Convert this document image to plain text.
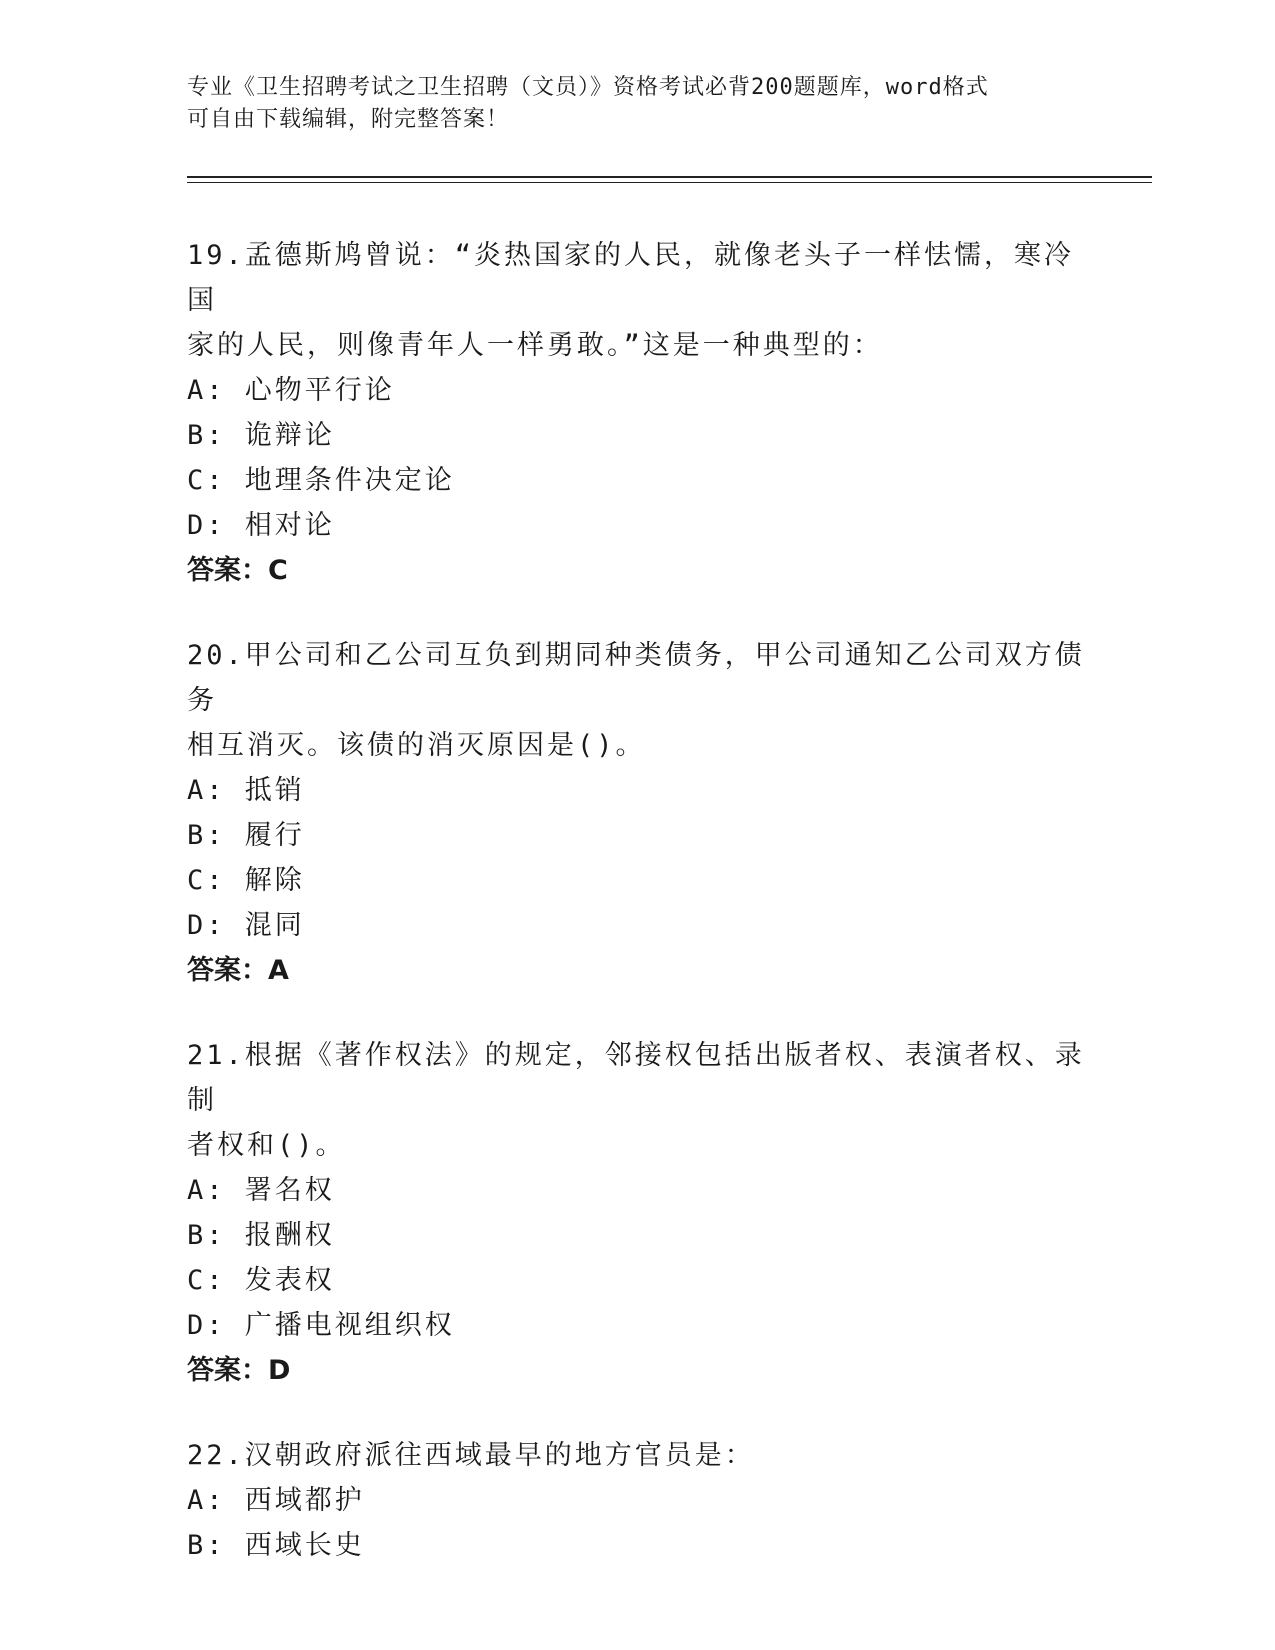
专业《卫生招聘考试之卫生招聘（文员）》资格考试必背200题题库，word格式
可自由下载编辑，附完整答案！
19.孟德斯鸠曾说：“炎热国家的人民，就像老头子一样怯懦，寒冷国
家的人民，则像青年人一样勇敢。”这是一种典型的：
A: 心物平行论
B: 诡辩论
C: 地理条件决定论
D: 相对论
答案：C
20.甲公司和乙公司互负到期同种类债务，甲公司通知乙公司双方债务
相互消灭。该债的消灭原因是()。
A: 抵销
B: 履行
C: 解除
D: 混同
答案：A
21.根据《著作权法》的规定，邻接权包括出版者权、表演者权、录制
者权和()。
A: 署名权
B: 报酬权
C: 发表权
D: 广播电视组织权
答案：D
22.汉朝政府派往西域最早的地方官员是：
A: 西域都护
B: 西域长史
